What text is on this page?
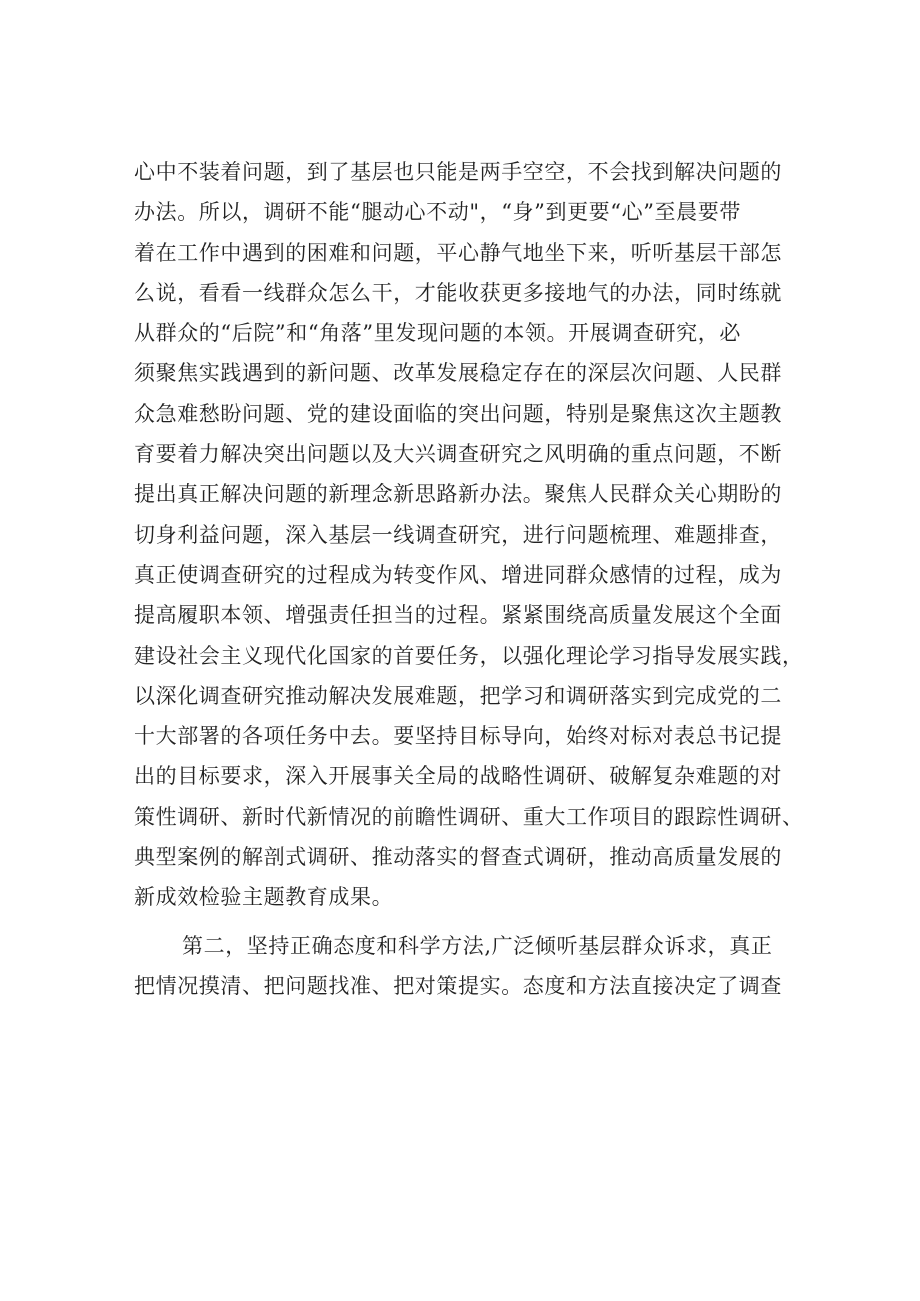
心中不装着问题，到了基层也只能是两手空空，不会找到解决问题的
办法。所以，调研不能“腿动心不动"，“身”到更要“心”至晨要带
着在工作中遇到的困难和问题，平心静气地坐下来，听听基层干部怎
么说，看看一线群众怎么干，才能收获更多接地气的办法，同时练就
从群众的“后院”和“角落”里发现问题的本领。开展调查研究，必
须聚焦实践遇到的新问题、改革发展稳定存在的深层次问题、人民群
众急难愁盼问题、党的建设面临的突出问题，特别是聚焦这次主题教
育要着力解决突出问题以及大兴调查研究之风明确的重点问题，不断
提出真正解决问题的新理念新思路新办法。聚焦人民群众关心期盼的
切身利益问题，深入基层一线调查研究，进行问题梳理、难题排查，
真正使调查研究的过程成为转变作风、增进同群众感情的过程，成为
提高履职本领、增强责任担当的过程。紧紧围绕高质量发展这个全面
建设社会主义现代化国家的首要任务，以强化理论学习指导发展实践，
以深化调查研究推动解决发展难题，把学习和调研落实到完成党的二
十大部署的各项任务中去。要坚持目标导向，始终对标对表总书记提
出的目标要求，深入开展事关全局的战略性调研、破解复杂难题的对
策性调研、新时代新情况的前瞻性调研、重大工作项目的跟踪性调研、
典型案例的解剖式调研、推动落实的督查式调研，推动高质量发展的
新成效检验主题教育成果。
第二，坚持正确态度和科学方法,广泛倾听基层群众诉求，真正
把情况摸清、把问题找准、把对策提实。态度和方法直接决定了调查
